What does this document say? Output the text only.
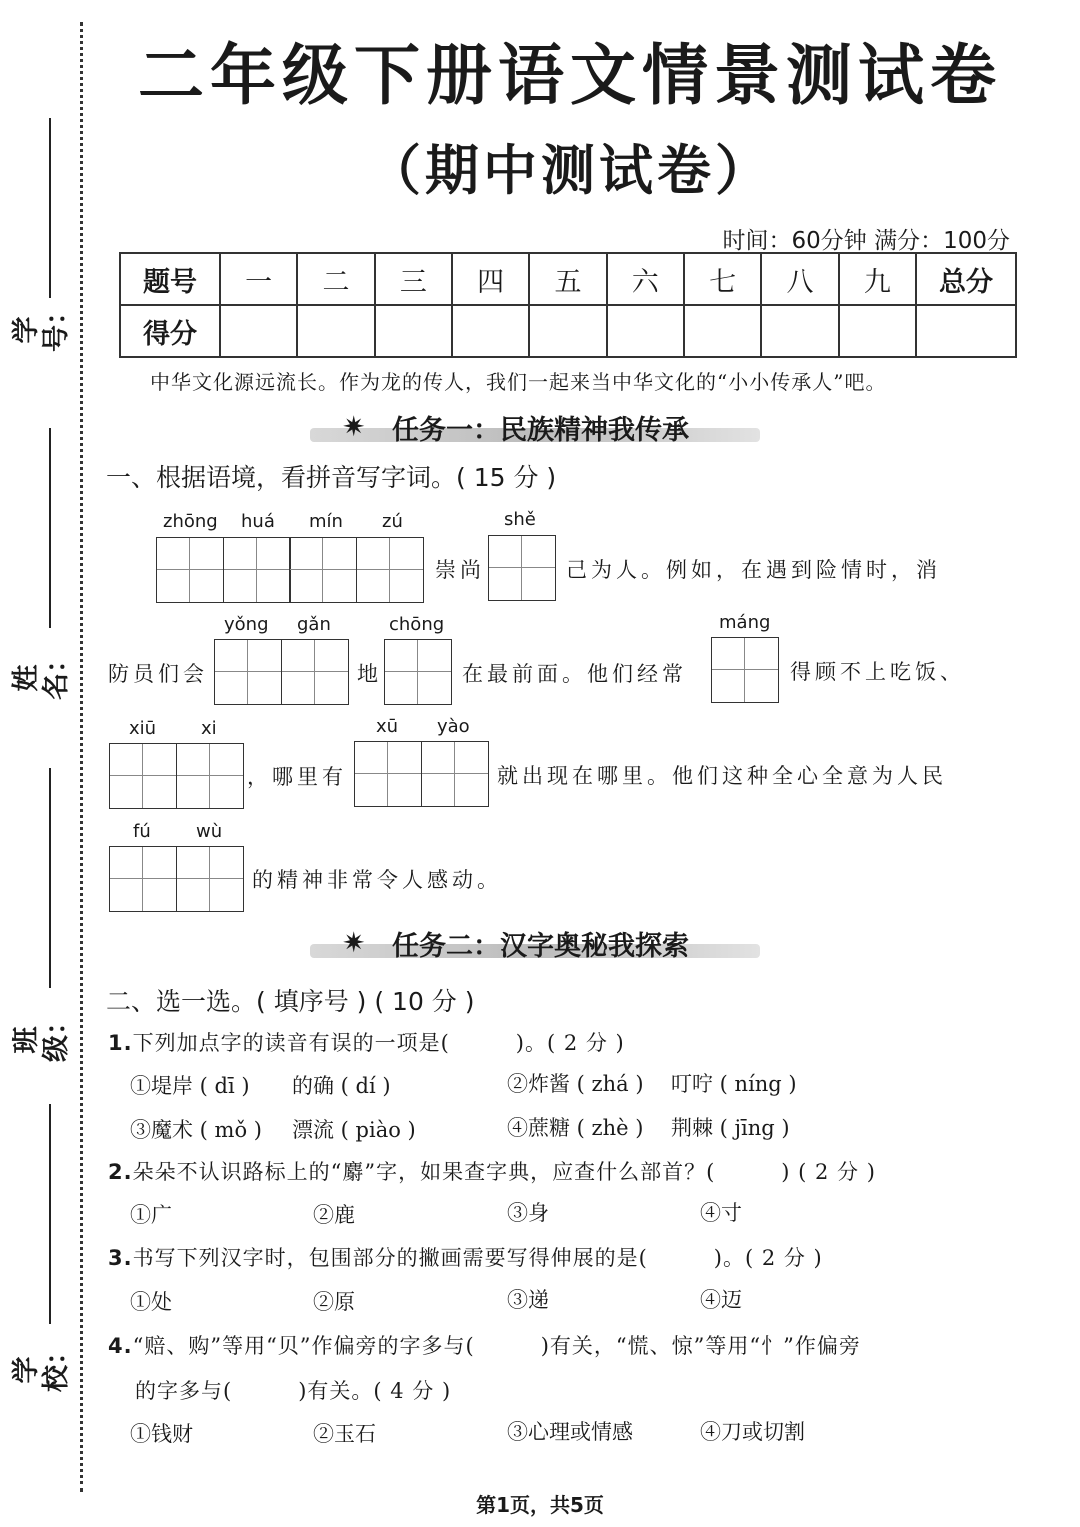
学号：
姓名：
班级：
学校：
二年级下册语文情景测试卷
（期中测试卷）
时间：60分钟 满分：100分
题号	一	二	三	四	五	六	七	八	九	总分
得分										
中华文化源远流长。作为龙的传人，我们一起来当中华文化的“小小传承人”吧。
✷ 任务一：民族精神我传承
一、根据语境，看拼音写字词。( 15 分 )
zhōng huá mín zú
崇尚
shě
己为人。例如，在遇到险情时，消
防员们会
yǒng gǎn
地
chōng
在最前面。他们经常
máng
得顾不上吃饭、
xiū xi
，哪里有
xū yào
就出现在哪里。他们这种全心全意为人民
fú	wù
的精神非常令人感动。
✷ 任务二：汉字奥秘我探索
二、选一选。( 填序号 ) ( 10 分 )
1.下列加点字的读音有误的一项是(　　　)。( 2 分 )
①堤岸 ( dī ) 的确 ( dí )	②炸酱 ( zhá ) 叮咛 ( níng )
③魔术 ( mǒ ) 漂流 ( piào )	④蔗糖 ( zhè ) 荆棘 ( jīng )
2.朵朵不认识路标上的“麝”字，如果查字典，应查什么部首？(　　　) ( 2 分 )
①广	②鹿	③身	④寸
3.书写下列汉字时，包围部分的撇画需要写得伸展的是(　　　)。( 2 分 )
①处	②原	③递	④迈
4.“赔、购”等用“贝”作偏旁的字多与(　　　)有关，“慌、惊”等用“忄”作偏旁
的字多与(　　　)有关。( 4 分 )
①钱财	②玉石	③心理或情感	④刀或切割
第1页，共5页
